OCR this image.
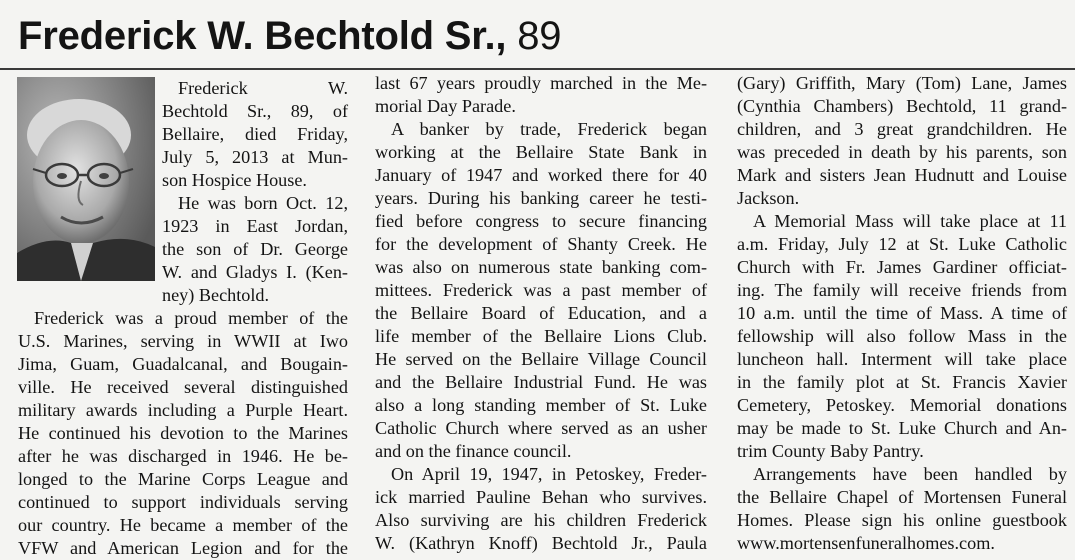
Frederick W. Bechtold Sr., 89
Frederick W.
Bechtold Sr., 89, of
Bellaire, died Friday,
July 5, 2013 at Mun-
son Hospice House.
He was born Oct. 12,
1923 in East Jordan,
the son of Dr. George
W. and Gladys I. (Ken-
ney) Bechtold.
Frederick was a proud member of the
U.S. Marines, serving in WWII at Iwo
Jima, Guam, Guadalcanal, and Bougain-
ville. He received several distinguished
military awards including a Purple Heart.
He continued his devotion to the Marines
after he was discharged in 1946. He be-
longed to the Marine Corps League and
continued to support individuals serving
our country. He became a member of the
VFW and American Legion and for the
last 67 years proudly marched in the Me-
morial Day Parade.
A banker by trade, Frederick began
working at the Bellaire State Bank in
January of 1947 and worked there for 40
years. During his banking career he testi-
fied before congress to secure financing
for the development of Shanty Creek. He
was also on numerous state banking com-
mittees. Frederick was a past member of
the Bellaire Board of Education, and a
life member of the Bellaire Lions Club.
He served on the Bellaire Village Council
and the Bellaire Industrial Fund. He was
also a long standing member of St. Luke
Catholic Church where served as an usher
and on the finance council.
On April 19, 1947, in Petoskey, Freder-
ick married Pauline Behan who survives.
Also surviving are his children Frederick
W. (Kathryn Knoff) Bechtold Jr., Paula
(Gary) Griffith, Mary (Tom) Lane, James
(Cynthia Chambers) Bechtold, 11 grand-
children, and 3 great grandchildren. He
was preceded in death by his parents, son
Mark and sisters Jean Hudnutt and Louise
Jackson.
A Memorial Mass will take place at 11
a.m. Friday, July 12 at St. Luke Catholic
Church with Fr. James Gardiner officiat-
ing. The family will receive friends from
10 a.m. until the time of Mass. A time of
fellowship will also follow Mass in the
luncheon hall. Interment will take place
in the family plot at St. Francis Xavier
Cemetery, Petoskey. Memorial donations
may be made to St. Luke Church and An-
trim County Baby Pantry.
Arrangements have been handled by
the Bellaire Chapel of Mortensen Funeral
Homes. Please sign his online guestbook
www.mortensenfuneralhomes.com.
